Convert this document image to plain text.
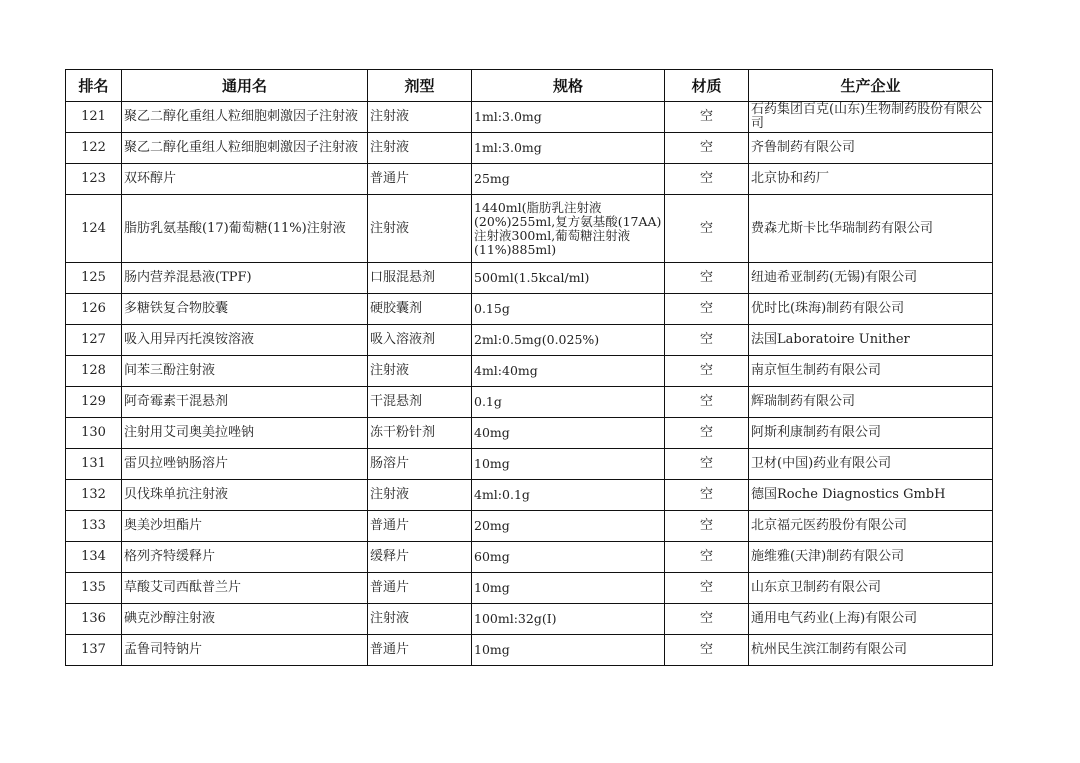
排名	通用名	剂型	规格	材质	生产企业
121	聚乙二醇化重组人粒细胞刺激因子注射液	注射液	1ml:3.0mg	空	石药集团百克(山东)生物制药股份有限公司
122	聚乙二醇化重组人粒细胞刺激因子注射液	注射液	1ml:3.0mg	空	齐鲁制药有限公司
123	双环醇片	普通片	25mg	空	北京协和药厂
124	脂肪乳氨基酸(17)葡萄糖(11%)注射液	注射液	1440ml(脂肪乳注射液(20%)255ml,复方氨基酸(17AA)注射液300ml,葡萄糖注射液(11%)885ml)	空	费森尤斯卡比华瑞制药有限公司
125	肠内营养混悬液(TPF)	口服混悬剂	500ml(1.5kcal/ml)	空	纽迪希亚制药(无锡)有限公司
126	多糖铁复合物胶囊	硬胶囊剂	0.15g	空	优时比(珠海)制药有限公司
127	吸入用异丙托溴铵溶液	吸入溶液剂	2ml:0.5mg(0.025%)	空	法国Laboratoire Unither
128	间苯三酚注射液	注射液	4ml:40mg	空	南京恒生制药有限公司
129	阿奇霉素干混悬剂	干混悬剂	0.1g	空	辉瑞制药有限公司
130	注射用艾司奥美拉唑钠	冻干粉针剂	40mg	空	阿斯利康制药有限公司
131	雷贝拉唑钠肠溶片	肠溶片	10mg	空	卫材(中国)药业有限公司
132	贝伐珠单抗注射液	注射液	4ml:0.1g	空	德国Roche Diagnostics GmbH
133	奥美沙坦酯片	普通片	20mg	空	北京福元医药股份有限公司
134	格列齐特缓释片	缓释片	60mg	空	施维雅(天津)制药有限公司
135	草酸艾司西酞普兰片	普通片	10mg	空	山东京卫制药有限公司
136	碘克沙醇注射液	注射液	100ml:32g(I)	空	通用电气药业(上海)有限公司
137	孟鲁司特钠片	普通片	10mg	空	杭州民生滨江制药有限公司
